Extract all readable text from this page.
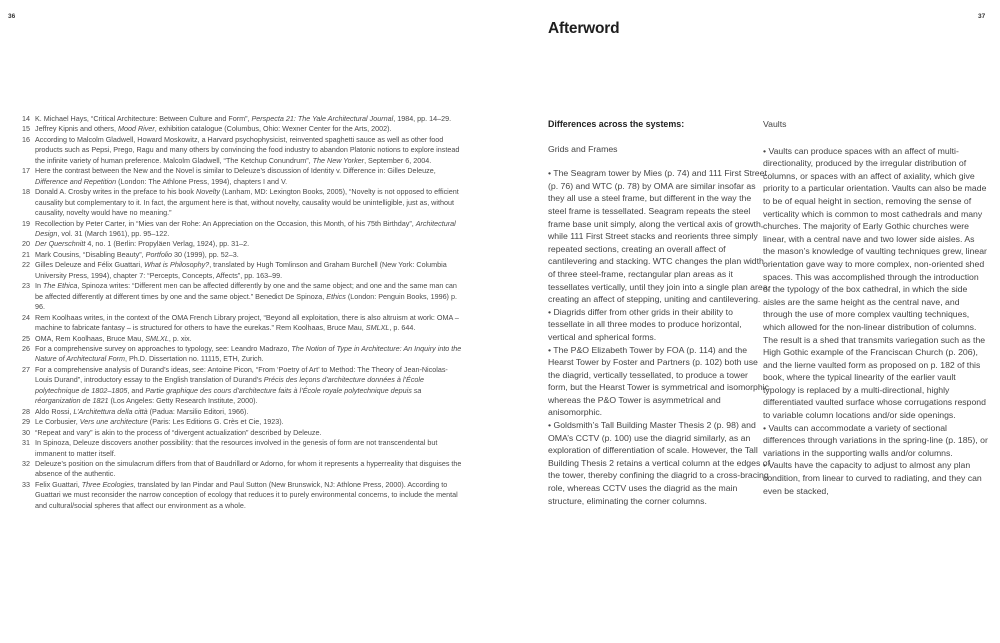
36	37
Afterword
14 K. Michael Hays, “Critical Architecture: Between Culture and Form”, Perspecta 21: The Yale Architectural Journal, 1984, pp. 14–29.
15 Jeffrey Kipnis and others, Mood River, exhibition catalogue (Columbus, Ohio: Wexner Center for the Arts, 2002).
16 According to Malcolm Gladwell, Howard Moskowitz, a Harvard psychophysicist, reinvented spaghetti sauce as well as other food products such as Pepsi, Prego, Ragu and many others by convincing the food industry to abandon Platonic notions to explore instead the infinite variety of human preference. Malcolm Gladwell, “The Ketchup Conundrum”, The New Yorker, September 6, 2004.
17 Here the contrast between the New and the Novel is similar to Deleuze’s discussion of Identity v. Difference in: Gilles Deleuze, Difference and Repetition (London: The Athlone Press, 1994), chapters I and V.
18 Donald A. Crosby writes in the preface to his book Novelty (Lanham, MD: Lexington Books, 2005), “Novelty is not opposed to efficient causality but complementary to it. In fact, the argument here is that, without novelty, causality would be unintelligible, just as, without causality, novelty would have no meaning.”
19 Recollection by Peter Carter, in “Mies van der Rohe: An Appreciation on the Occasion, this Month, of his 75th Birthday”, Architectural Design, vol. 31 (March 1961), pp. 95–122.
20 Der Querschnitt 4, no. 1 (Berlin: Propyläen Verlag, 1924), pp. 31–2.
21 Mark Cousins, “Disabling Beauty”, Portfolio 30 (1999), pp. 52–3.
22 Gilles Deleuze and Félix Guattari, What is Philosophy?, translated by Hugh Tomlinson and Graham Burchell (New York: Columbia University Press, 1994), chapter 7: “Percepts, Concepts, Affects”, pp. 163–99.
23 In The Ethica, Spinoza writes: “Different men can be affected differently by one and the same object; and one and the same man can be affected differently at different times by one and the same object.” Benedict De Spinoza, Ethics (London: Penguin Books, 1996) p. 96.
24 Rem Koolhaas writes, in the context of the OMA French Library project, “Beyond all exploitation, there is also altruism at work: OMA – machine to fabricate fantasy – is structured for others to have the eurekas.” Rem Koolhaas, Bruce Mau, SMLXL, p. 644.
25 OMA, Rem Koolhaas, Bruce Mau, SMLXL, p. xix.
26 For a comprehensive survey on approaches to typology, see: Leandro Madrazo, The Notion of Type in Architecture: An Inquiry into the Nature of Architectural Form, Ph.D. Dissertation no. 11115, ETH, Zurich.
27 For a comprehensive analysis of Durand’s ideas, see: Antoine Picon, “From ‘Poetry of Art’ to Method: The Theory of Jean-Nicolas-Louis Durand”, introductory essay to the English translation of Durand’s Précis des leçons d’architecture données à l’École polytechnique de 1802–1805, and Partie graphique des cours d’architecture faits à l’École royale polytechnique depuis sa réorganization de 1821 (Los Angeles: Getty Research Institute, 2000).
28 Aldo Rossi, L’Architettura della città (Padua: Marsilio Editori, 1966).
29 Le Corbusier, Vers une architecture (Paris: Les Editions G. Crès et Cie, 1923).
30 “Repeat and vary” is akin to the process of “divergent actualization” described by Deleuze.
31 In Spinoza, Deleuze discovers another possibility: that the resources involved in the genesis of form are not transcendental but immanent to matter itself.
32 Deleuze’s position on the simulacrum differs from that of Baudrillard or Adorno, for whom it represents a hyperreality that disguises the absence of the authentic.
33 Felix Guattari, Three Ecologies, translated by Ian Pindar and Paul Sutton (New Brunswick, NJ: Athlone Press, 2000). According to Guattari we must reconsider the narrow conception of ecology that reduces it to purely environmental concerns, to include the mental and cultural/social spheres that affect our environment as a whole.
Differences across the systems:
Grids and Frames

• The Seagram tower by Mies (p. 74) and 111 First Street (p. 76) and WTC (p. 78) by OMA are similar insofar as they all use a steel frame, but different in the way the steel frame is tessellated. Seagram repeats the steel frame base unit simply, along the vertical axis of growth, while 111 First Street stacks and reorients three simply repeated sections, creating an overall affect of cantilevering and stacking. WTC changes the plan width of three steel-frame, rectangular plan areas as it tessellates vertically, until they join into a single plan area, creating an affect of stepping, uniting and cantilevering.

• Diagrids differ from other grids in their ability to tessellate in all three modes to produce horizontal, vertical and spherical forms.

• The P&O Elizabeth Tower by FOA (p. 114) and the Hearst Tower by Foster and Partners (p. 102) both use the diagrid, vertically tessellated, to produce a tower form, but the Hearst Tower is symmetrical and isomorphic whereas the P&O Tower is asymmetrical and anisomorphic.

• Goldsmith’s Tall Building Master Thesis 2 (p. 98) and OMA’s CCTV (p. 100) use the diagrid similarly, as an exploration of differentiation of scale. However, the Tall Building Thesis 2 retains a vertical column at the edges of the tower, thereby confining the diagrid to a cross-bracing role, whereas CCTV uses the diagrid as the main structure, eliminating the corner columns.

Vaults

• Vaults can produce spaces with an affect of multi-directionality, produced by the irregular distribution of columns, or spaces with an affect of axiality, which give priority to a particular orientation. Vaults can also be made to be of equal height in section, removing the sense of verticality which is common to most cathedrals and many churches. The majority of Early Gothic churches were linear, with a central nave and two lower side aisles. As the mason’s knowledge of vaulting techniques grew, linear orientation gave way to more complex, non-oriented shed spaces. This was accomplished through the introduction of the typology of the box cathedral, in which the side aisles are the same height as the central nave, and through the use of more complex vaulting techniques, which allowed for the non-linear distribution of columns. The result is a shed that transmits variegation such as the High Gothic example of the Franciscan Church (p. 206), and the lierne vaulted form as proposed on p. 182 of this book, where the typical linearity of the earlier vault typology is replaced by a multi-directional, highly differentiated vaulted surface whose corrugations respond to variable column locations and/or side openings.

• Vaults can accommodate a variety of sectional differences through variations in the spring-line (p. 185), or variations in the supporting walls and/or columns.

• Vaults have the capacity to adjust to almost any plan condition, from linear to curved to radiating, and they can even be stacked,
